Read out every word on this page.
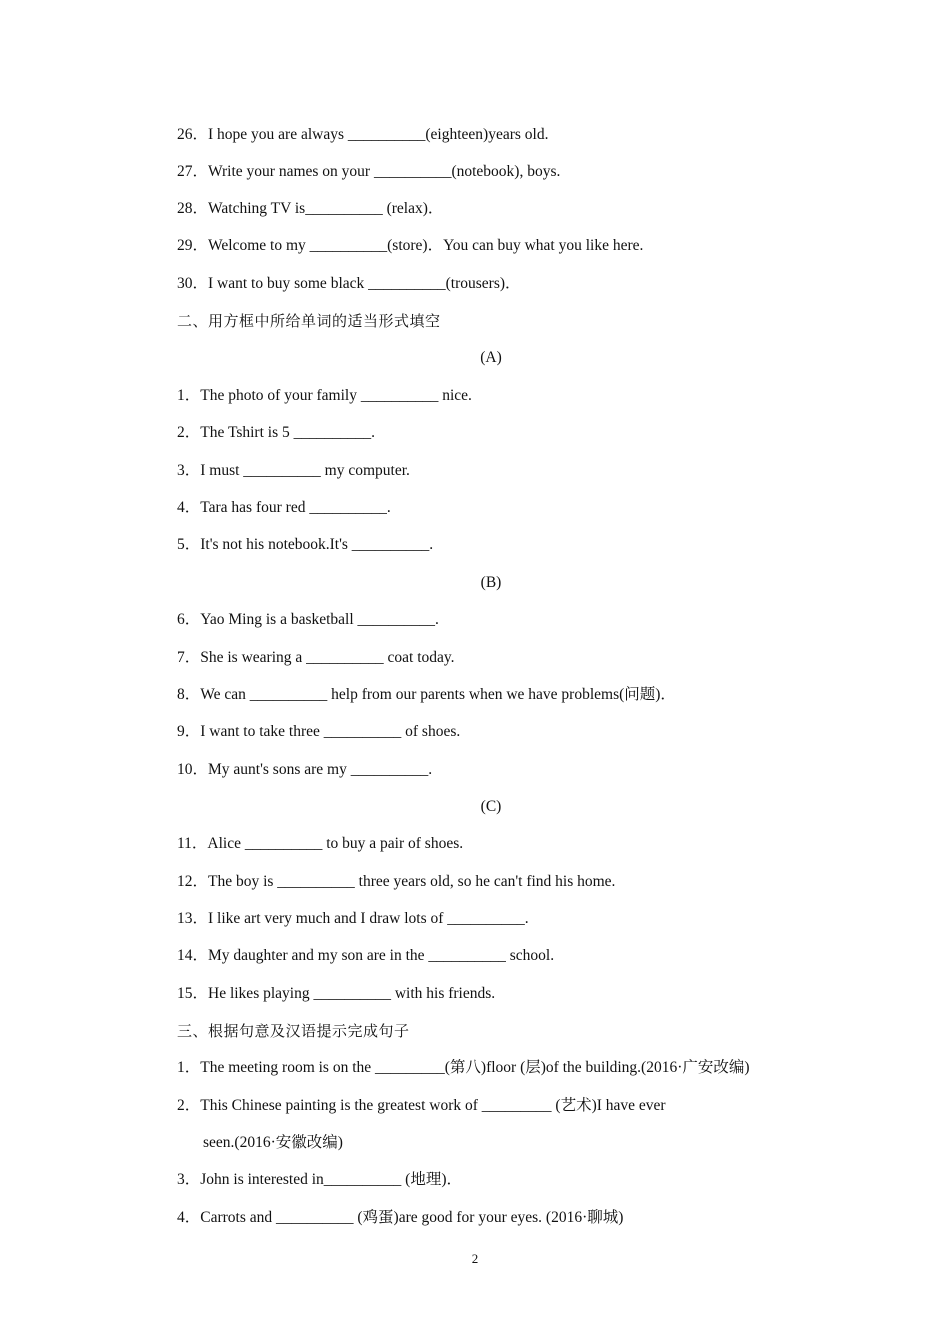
26．I hope you are always __________(eighteen)years old.
27．Write your names on your __________(notebook), boys.
28．Watching TV is__________ (relax)．
29．Welcome to my __________(store)．You can buy what you like here.
30．I want to buy some black __________(trousers)．
二、用方框中所给单词的适当形式填空
(A)
1．The photo of your family __________ nice.
2．The Tshirt is 5 __________.
3．I must __________ my computer.
4．Tara has four red __________.
5．It's not his notebook.It's __________.
(B)
6．Yao Ming is a basketball __________.
7．She is wearing a __________ coat today.
8．We can __________ help from our parents when we have problems(问题)．
9．I want to take three __________ of shoes.
10．My aunt's sons are my __________.
(C)
11．Alice __________ to buy a pair of shoes.
12．The boy is __________ three years old, so he can't find his home.
13．I like art very much and I draw lots of __________.
14．My daughter and my son are in the __________ school.
15．He likes playing __________ with his friends.
三、根据句意及汉语提示完成句子
1．The meeting room is on the _________(第八)floor (层)of the building.(2016·广安改编)
2．This Chinese painting is the greatest work of _________ (艺术)I have ever
seen.(2016·安徽改编)
3．John is interested in__________ (地理)．
4．Carrots and __________ (鸡蛋)are good for your eyes. (2016·聊城)
2
